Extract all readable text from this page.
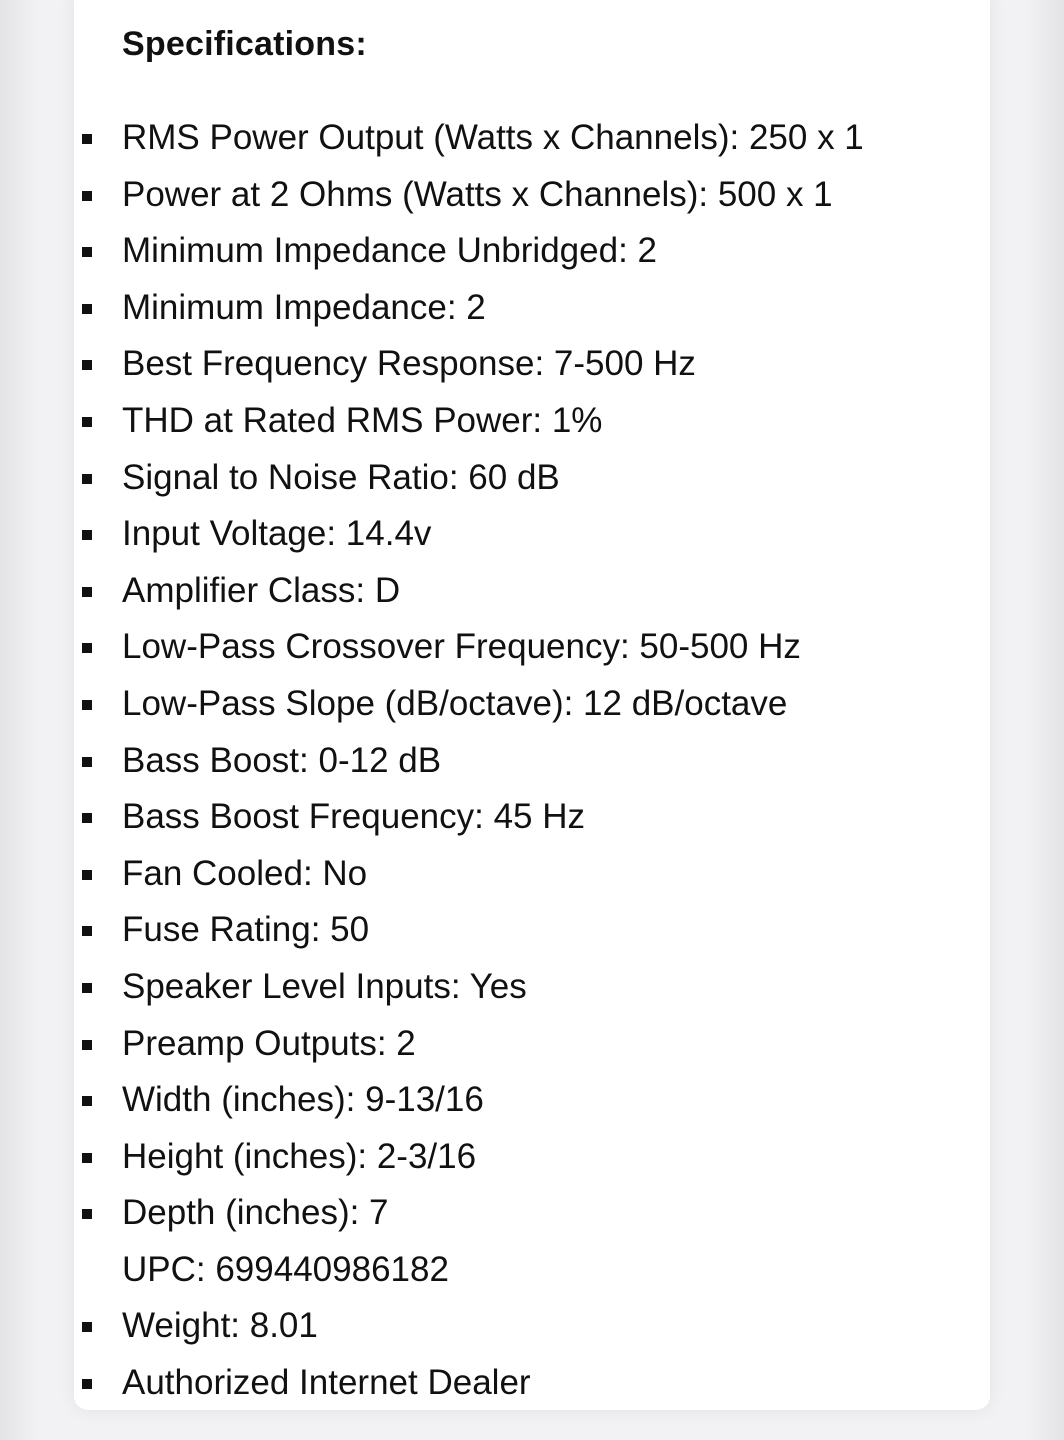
Specifications:
RMS Power Output (Watts x Channels): 250 x 1
Power at 2 Ohms (Watts x Channels): 500 x 1
Minimum Impedance Unbridged: 2
Minimum Impedance: 2
Best Frequency Response: 7-500 Hz
THD at Rated RMS Power: 1%
Signal to Noise Ratio: 60 dB
Input Voltage: 14.4v
Amplifier Class: D
Low-Pass Crossover Frequency: 50-500 Hz
Low-Pass Slope (dB/octave): 12 dB/octave
Bass Boost: 0-12 dB
Bass Boost Frequency: 45 Hz
Fan Cooled: No
Fuse Rating: 50
Speaker Level Inputs: Yes
Preamp Outputs: 2
Width (inches): 9-13/16
Height (inches): 2-3/16
Depth (inches): 7
UPC: 699440986182
Weight: 8.01
Authorized Internet Dealer
